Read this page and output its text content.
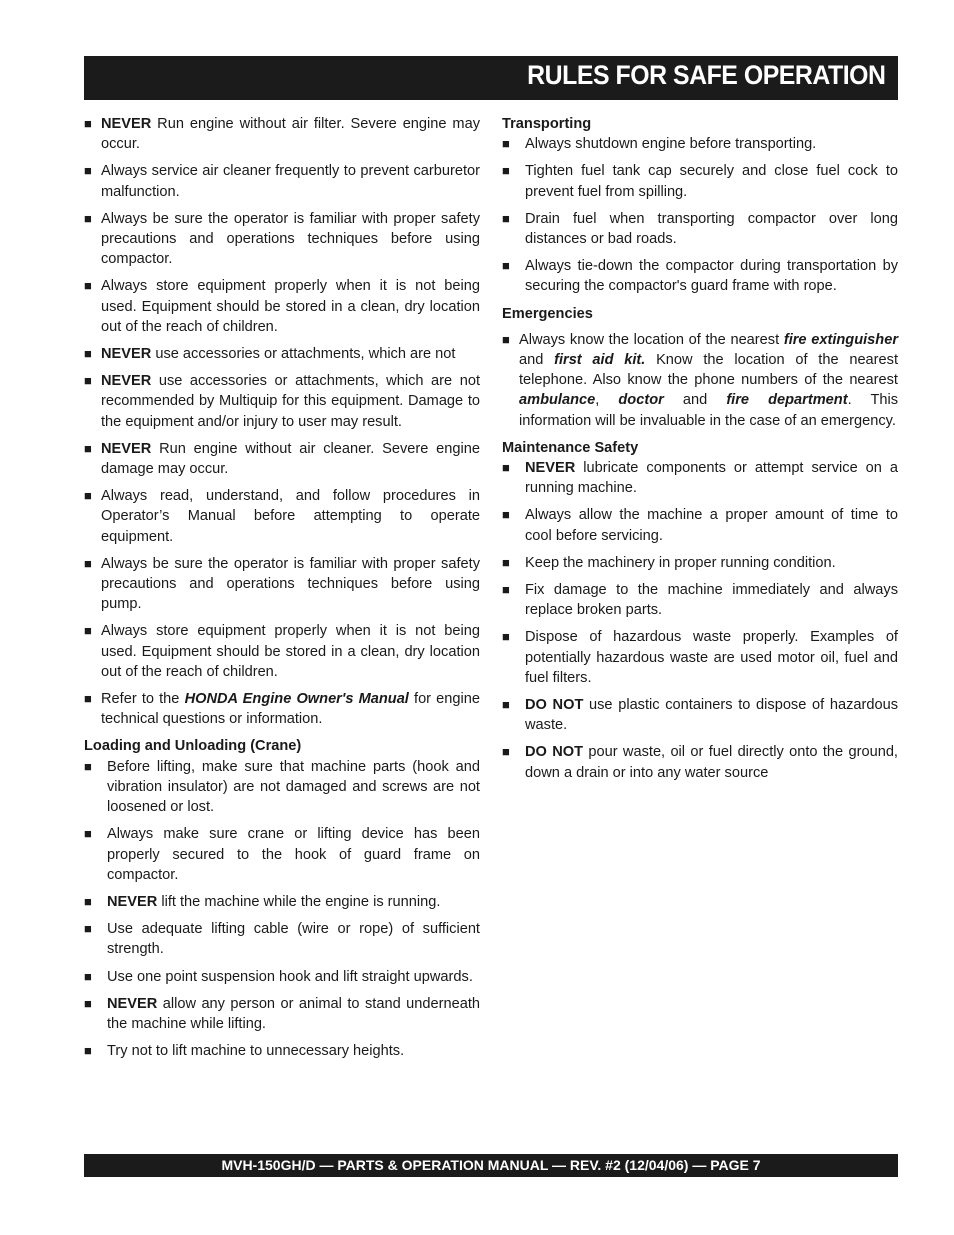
RULES FOR SAFE OPERATION
■ NEVER Run engine without air filter. Severe engine may occur.
■ Always service air cleaner frequently to prevent carburetor malfunction.
■ Always be sure the operator is familiar with proper safety precautions and operations techniques before using compactor.
■ Always store equipment properly when it is not being used. Equipment should be stored in a clean, dry location out of the reach of children.
■ NEVER use accessories or attachments, which are not
■ NEVER use accessories or attachments, which are not recommended by Multiquip for this equipment. Damage to the equipment and/or injury to user may result.
■ NEVER Run engine without air cleaner. Severe engine damage may occur.
■ Always read, understand, and follow procedures in Operator’s Manual before attempting to operate equipment.
■ Always be sure the operator is familiar with proper safety precautions and operations techniques before using pump.
■ Always store equipment properly when it is not being used. Equipment should be stored in a clean, dry location out of the reach of children.
■ Refer to the HONDA Engine Owner's Manual for engine technical questions or information.
Loading and Unloading (Crane)
■	Before lifting, make sure that machine parts (hook and vibration insulator) are not damaged and screws are not loosened or lost.
■	Always make sure crane or lifting device has been properly secured to the hook of guard frame on compactor.
■	NEVER lift the machine while the engine is running.
■	Use adequate lifting cable (wire or rope) of sufficient strength.
■	Use one point suspension hook and lift straight upwards.
■	NEVER allow any person or animal to stand underneath the machine while lifting.
■	Try not to lift machine to unnecessary heights.
Transporting
■	Always shutdown engine before transporting.
■	Tighten fuel tank cap securely and close fuel cock to prevent fuel from spilling.
■	Drain fuel when transporting compactor over long distances or bad roads.
■	Always tie-down the compactor during transportation by securing the compactor's guard frame with rope.
Emergencies
■ Always know the location of the nearest fire extinguisher and first aid kit. Know the location of the nearest telephone. Also know the phone numbers of the nearest ambulance, doctor and fire department. This information will be invaluable in the case of an emergency.
Maintenance Safety
■	NEVER lubricate components or attempt service on a running machine.
■	Always allow the machine a proper amount of time to cool before servicing.
■	Keep the machinery in proper running condition.
■	Fix damage to the machine immediately and always replace broken parts.
■	Dispose of hazardous waste properly. Examples of potentially hazardous waste are used motor oil, fuel and fuel filters.
■	DO NOT use plastic containers to dispose of hazardous waste.
■	DO NOT pour waste, oil or fuel directly onto the ground, down a drain or into any water source
MVH-150GH/D — PARTS & OPERATION MANUAL — REV. #2 (12/04/06) — PAGE 7
